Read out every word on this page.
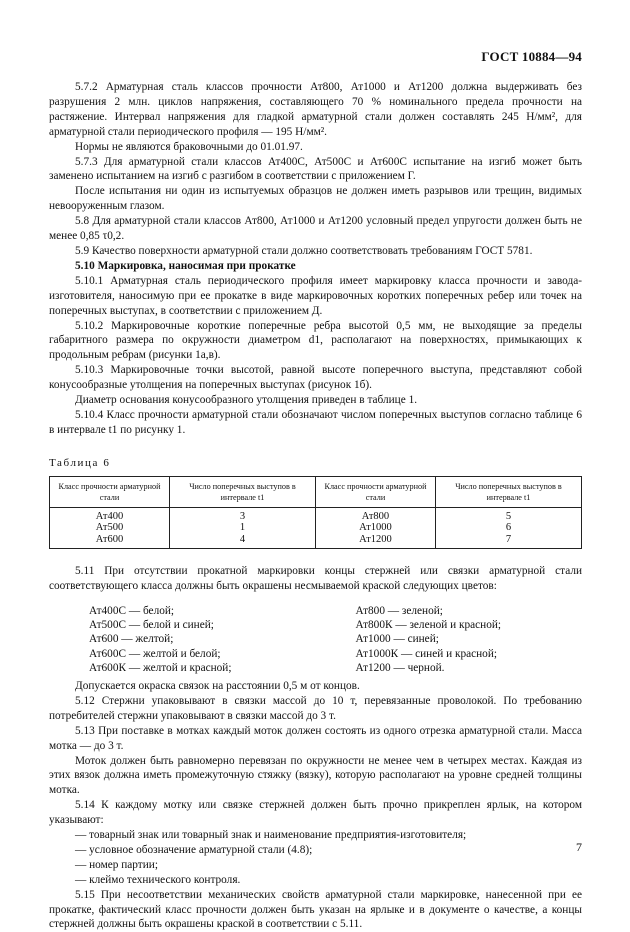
ГОСТ 10884—94

5.7.2 Арматурная сталь классов прочности Ат800, Ат1000 и Ат1200 должна выдерживать без разрушения 2 млн. циклов напряжения, составляющего 70 % номинального предела прочности на растяжение. Интервал напряжения для гладкой арматурной стали должен составлять 245 Н/мм², для арматурной стали периодического профиля — 195 Н/мм².

Нормы не являются браковочными до 01.01.97.

5.7.3 Для арматурной стали классов Ат400С, Ат500С и Ат600С испытание на изгиб может быть заменено испытанием на изгиб с разгибом в соответствии с приложением Г.

После испытания ни один из испытуемых образцов не должен иметь разрывов или трещин, видимых невооруженным глазом.

5.8 Для арматурной стали классов Ат800, Ат1000 и Ат1200 условный предел упругости должен быть не менее 0,85 τ0,2.

5.9 Качество поверхности арматурной стали должно соответствовать требованиям ГОСТ 5781.

5.10 Маркировка, наносимая при прокатке

5.10.1 Арматурная сталь периодического профиля имеет маркировку класса прочности и завода-изготовителя, наносимую при ее прокатке в виде маркировочных коротких поперечных ребер или точек на поперечных выступах, в соответствии с приложением Д.

5.10.2 Маркировочные короткие поперечные ребра высотой 0,5 мм, не выходящие за пределы габаритного размера по окружности диаметром d1, располагают на поверхностях, примыкающих к продольным ребрам (рисунки 1а,в).

5.10.3 Маркировочные точки высотой, равной высоте поперечного выступа, представляют собой конусообразные утолщения на поперечных выступах (рисунок 1б).

Диаметр основания конусообразного утолщения приведен в таблице 1.

5.10.4 Класс прочности арматурной стали обозначают числом поперечных выступов согласно таблице 6 в интервале t1 по рисунку 1.

Таблица 6
Класс прочности арматурной стали	Число поперечных выступов в интервале t1	Класс прочности арматурной стали	Число поперечных выступов в интервале t1
Ат400	3	Ат800	5
Ат500	1	Ат1000	6
Ат600	4	Ат1200	7

5.11 При отсутствии прокатной маркировки концы стержней или связки арматурной стали соответствующего класса должны быть окрашены несмываемой краской следующих цветов:

Ат400С — белой;
Ат500С — белой и синей;
Ат600 — желтой;
Ат600С — желтой и белой;
Ат600К — желтой и красной;
Ат800 — зеленой;
Ат800К — зеленой и красной;
Ат1000 — синей;
Ат1000К — синей и красной;
Ат1200 — черной.

Допускается окраска связок на расстоянии 0,5 м от концов.

5.12 Стержни упаковывают в связки массой до 10 т, перевязанные проволокой. По требованию потребителей стержни упаковывают в связки массой до 3 т.

5.13 При поставке в мотках каждый моток должен состоять из одного отрезка арматурной стали. Масса мотка — до 3 т.

Моток должен быть равномерно перевязан по окружности не менее чем в четырех местах. Каждая из этих вязок должна иметь промежуточную стяжку (вязку), которую располагают на уровне средней толщины мотка.

5.14 К каждому мотку или связке стержней должен быть прочно прикреплен ярлык, на котором указывают:

— товарный знак или товарный знак и наименование предприятия-изготовителя;

— условное обозначение арматурной стали (4.8);

— номер партии;

— клеймо технического контроля.

5.15 При несоответствии механических свойств арматурной стали маркировке, нанесенной при ее прокатке, фактический класс прочности должен быть указан на ярлыке и в документе о качестве, а концы стержней должны быть окрашены краской в соответствии с 5.11.

7
